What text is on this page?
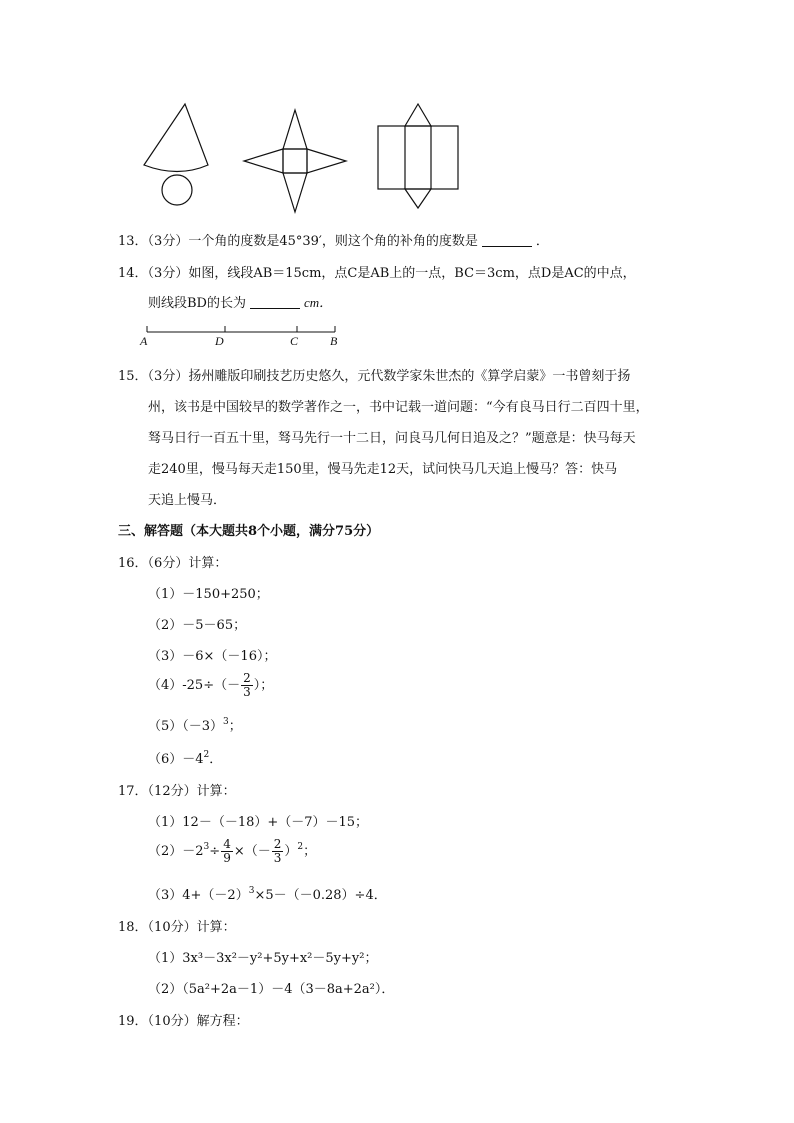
13．（3分）一个角的度数是45°39′，则这个角的补角的度数是	．
14．（3分）如图，线段AB＝15cm，点C是AB上的一点，BC＝3cm，点D是AC的中点，
则线段BD的长为	cm．
A	D	C	B
15．（3分）扬州雕版印刷技艺历史悠久，元代数学家朱世杰的《算学启蒙》一书曾刻于扬
州，该书是中国较早的数学著作之一，书中记载一道问题：“今有良马日行二百四十里，
驽马日行一百五十里，驽马先行一十二日，问良马几何日追及之？”题意是：快马每天
走240里，慢马每天走150里，慢马先走12天，试问快马几天追上慢马？答：快马
天追上慢马．
三、解答题（本大题共8个小题，满分75分）
16．（6分）计算：
（1）－150+250；
（2）－5－65；
（3）－6×（－16）；
$(4)-25\div(- \frac{2}{3}$ ）；
$(5)(-3)^3$；
$(6)-4^2$．
17．（12分）计算：
（1）12－（－18）+（－7）－15；
$(2)-2^3\div \frac{4}{9}$ ×（－ $\frac{2}{3} )^2$；
$(3)4+(-2)^3\times 5-(-0.28)\div 4$．
18．（10分）计算：
（1）3x³－3x²－y²+5y+x²－5y+y²；
（2）（5a²+2a－1）－4（3－8a+2a²）．
19．（10分）解方程：
